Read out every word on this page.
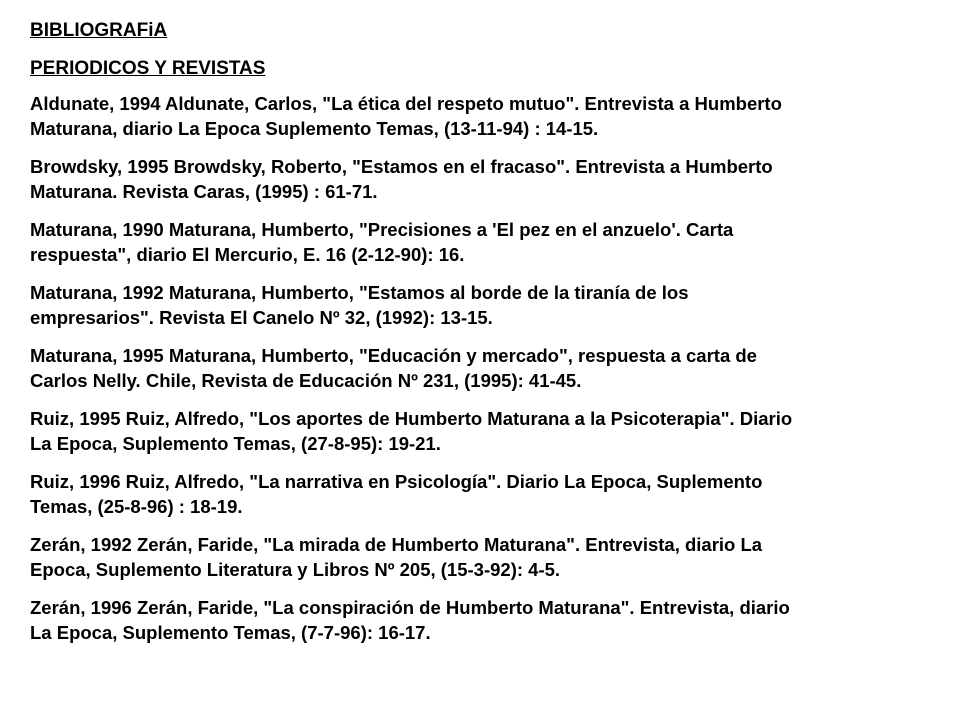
BIBLIOGRAFiA
PERIODICOS Y REVISTAS
Aldunate, 1994 Aldunate, Carlos, "La ética del respeto mutuo". Entrevista a Humberto
Maturana, diario La Epoca Suplemento Temas, (13-11-94) : 14-15.
Browdsky, 1995 Browdsky, Roberto, "Estamos en el fracaso". Entrevista a Humberto
Maturana. Revista Caras, (1995) : 61-71.
Maturana, 1990 Maturana, Humberto, "Precisiones a 'El pez en el anzuelo'. Carta
respuesta", diario El Mercurio, E. 16 (2-12-90): 16.
Maturana, 1992 Maturana, Humberto, "Estamos al borde de la tiranía de los
empresarios". Revista El Canelo Nº 32, (1992): 13-15.
Maturana, 1995 Maturana, Humberto, "Educación y mercado", respuesta a carta de
Carlos Nelly. Chile, Revista de Educación Nº 231, (1995): 41-45.
Ruiz, 1995 Ruiz, Alfredo, "Los aportes de Humberto Maturana a la Psicoterapia". Diario
La Epoca, Suplemento Temas, (27-8-95): 19-21.
Ruiz, 1996 Ruiz, Alfredo, "La narrativa en Psicología". Diario La Epoca, Suplemento
Temas, (25-8-96) : 18-19.
Zerán, 1992 Zerán, Faride, "La mirada de Humberto Maturana". Entrevista, diario La
Epoca, Suplemento Literatura y Libros Nº 205, (15-3-92): 4-5.
Zerán, 1996 Zerán, Faride, "La conspiración de Humberto Maturana". Entrevista, diario
La Epoca, Suplemento Temas, (7-7-96): 16-17.
